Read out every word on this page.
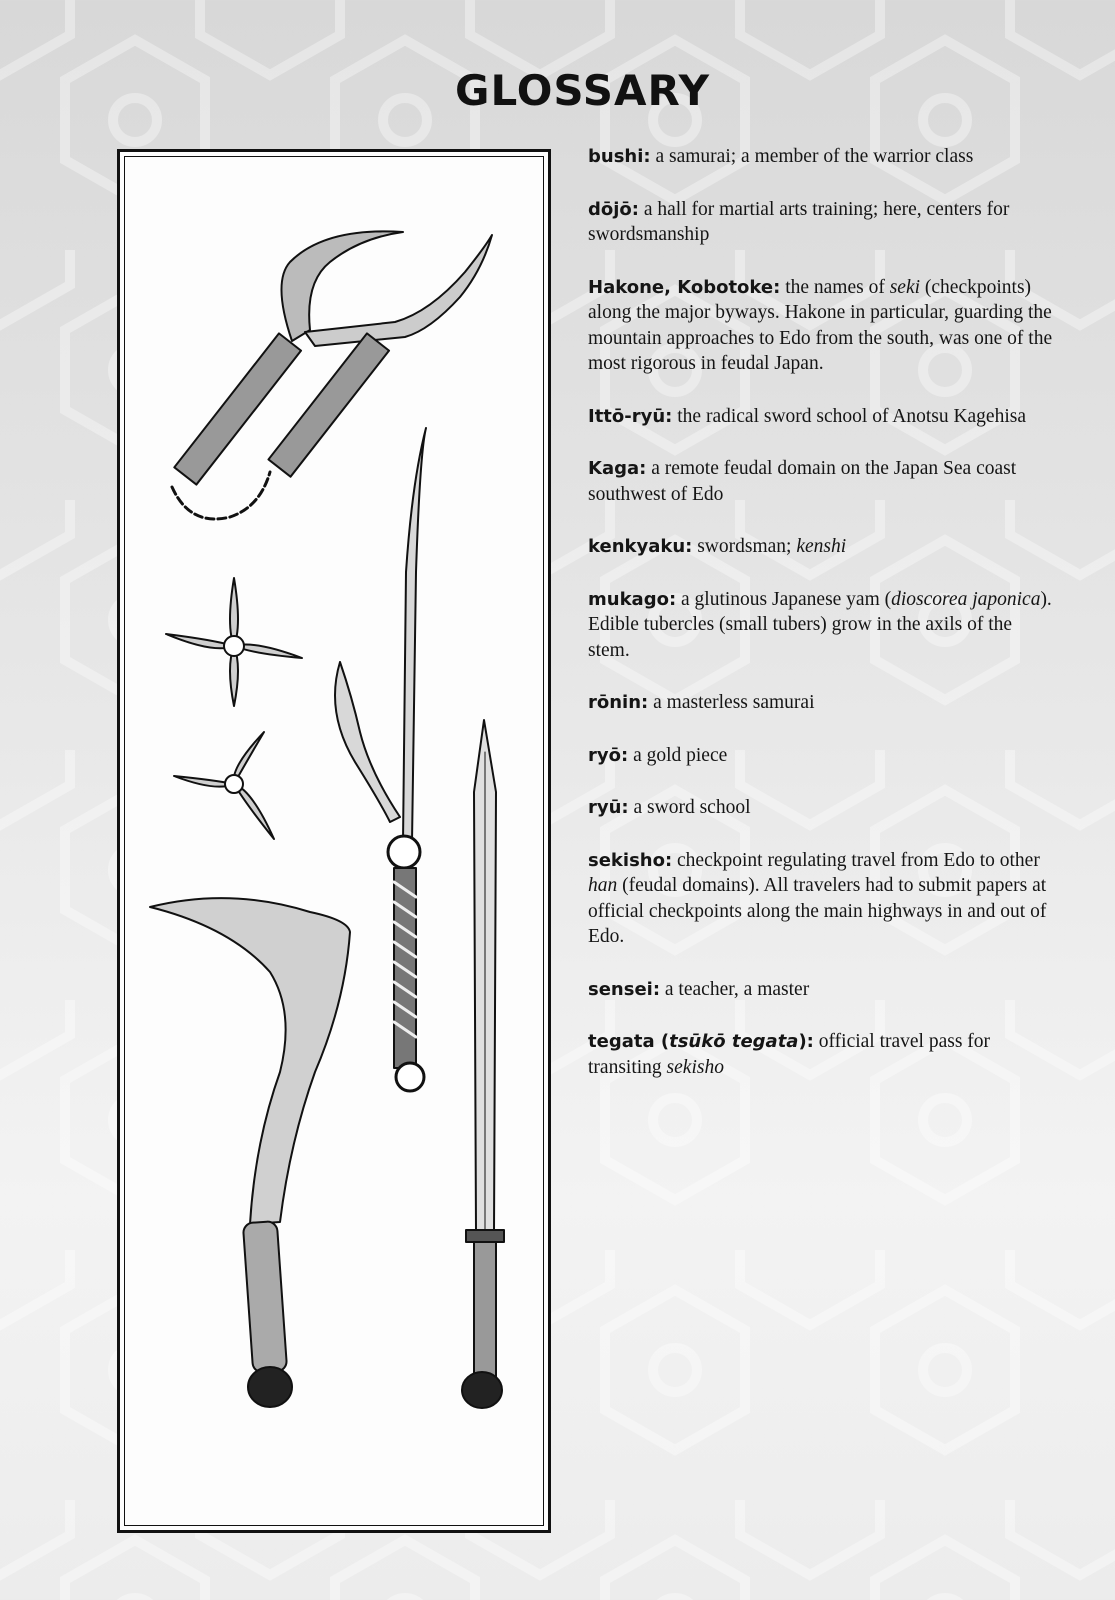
GLOSSARY

bushi: a samurai; a member of the warrior class

dōjō: a hall for martial arts training; here, centers for swordsmanship

Hakone, Kobotoke: the names of seki (checkpoints) along the major byways. Hakone in particular, guarding the mountain approaches to Edo from the south, was one of the most rigorous in feudal Japan.

Ittō-ryū: the radical sword school of Anotsu Kagehisa

Kaga: a remote feudal domain on the Japan Sea coast southwest of Edo

kenkyaku: swordsman; kenshi

mukago: a glutinous Japanese yam (dioscorea japonica). Edible tubercles (small tubers) grow in the axils of the stem.

rōnin: a masterless samurai

ryō: a gold piece

ryū: a sword school

sekisho: checkpoint regulating travel from Edo to other han (feudal domains). All travelers had to submit papers at official checkpoints along the main highways in and out of Edo.

sensei: a teacher, a master

tegata (tsūkō tegata): official travel pass for transiting sekisho
